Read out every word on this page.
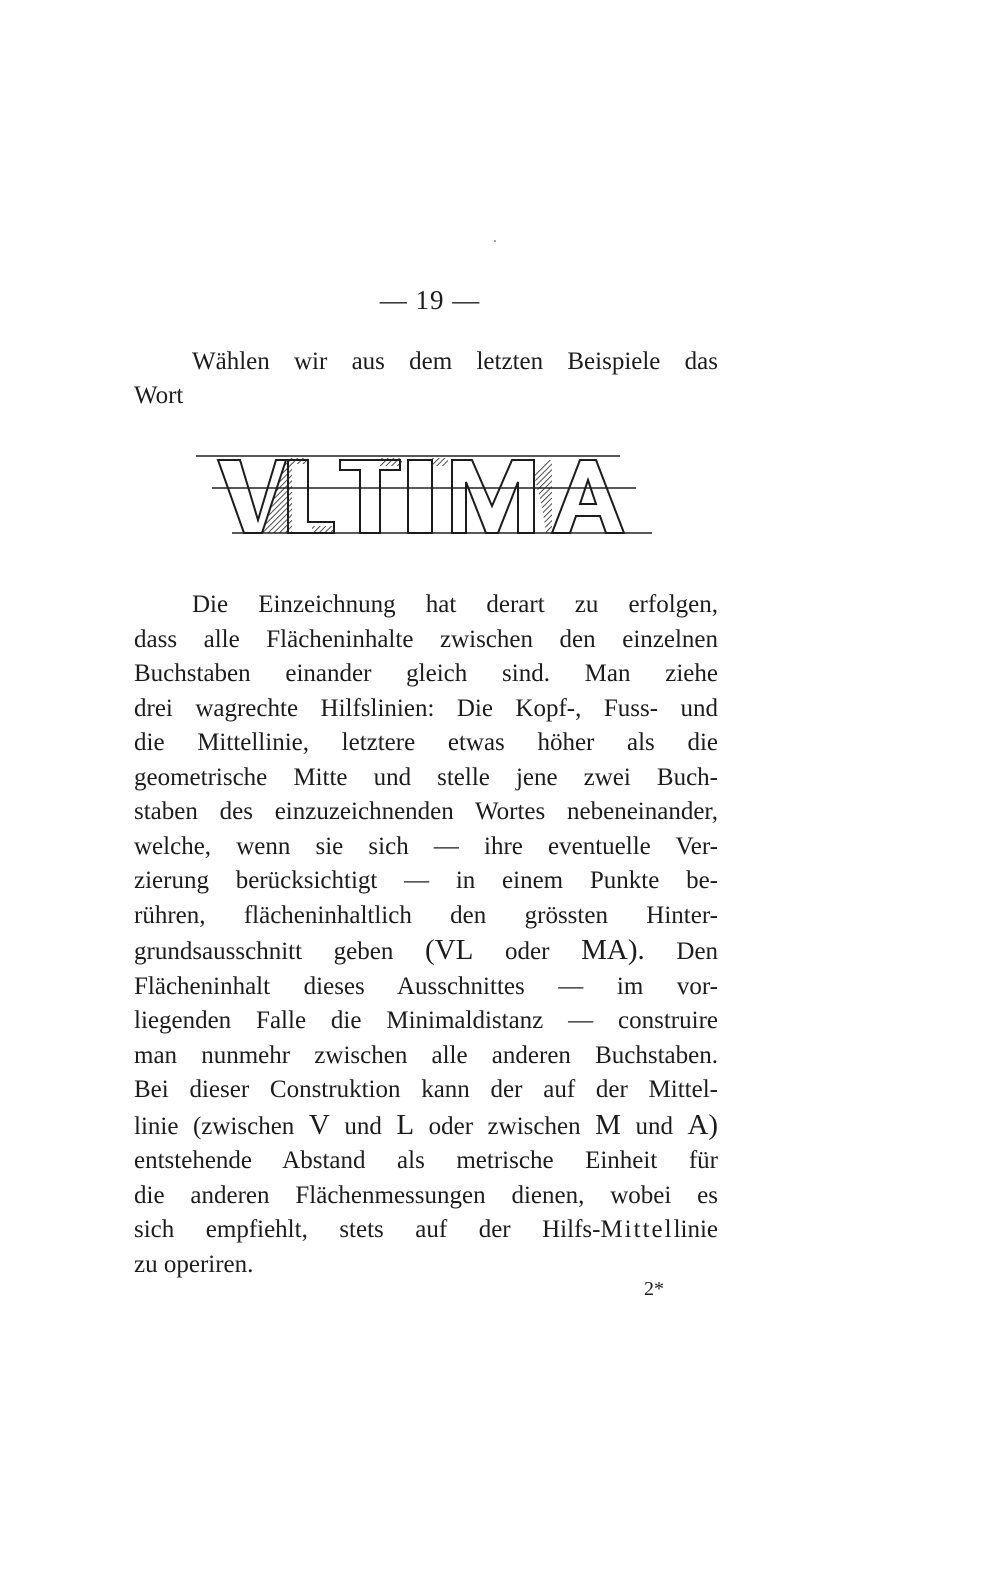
— 19 —
Wählen wir aus dem letzten Beispiele das
Wort
Die Einzeichnung hat derart zu erfolgen,
dass alle Flächeninhalte zwischen den einzelnen
Buchstaben einander gleich sind. Man ziehe
drei wagrechte Hilfslinien: Die Kopf-, Fuss- und
die Mittellinie, letztere etwas höher als die
geometrische Mitte und stelle jene zwei Buch-
staben des einzuzeichnenden Wortes nebeneinander,
welche, wenn sie sich — ihre eventuelle Ver-
zierung berücksichtigt — in einem Punkte be-
rühren, flächeninhaltlich den grössten Hinter-
grundsausschnitt geben (VL oder MA). Den
Flächeninhalt dieses Ausschnittes — im vor-
liegenden Falle die Minimaldistanz — construire
man nunmehr zwischen alle anderen Buchstaben.
Bei dieser Construktion kann der auf der Mittel-
linie (zwischen V und L oder zwischen M und A)
entstehende Abstand als metrische Einheit für
die anderen Flächenmessungen dienen, wobei es
sich empfiehlt, stets auf der Hilfs-Mittellinie
zu operiren.
2*
